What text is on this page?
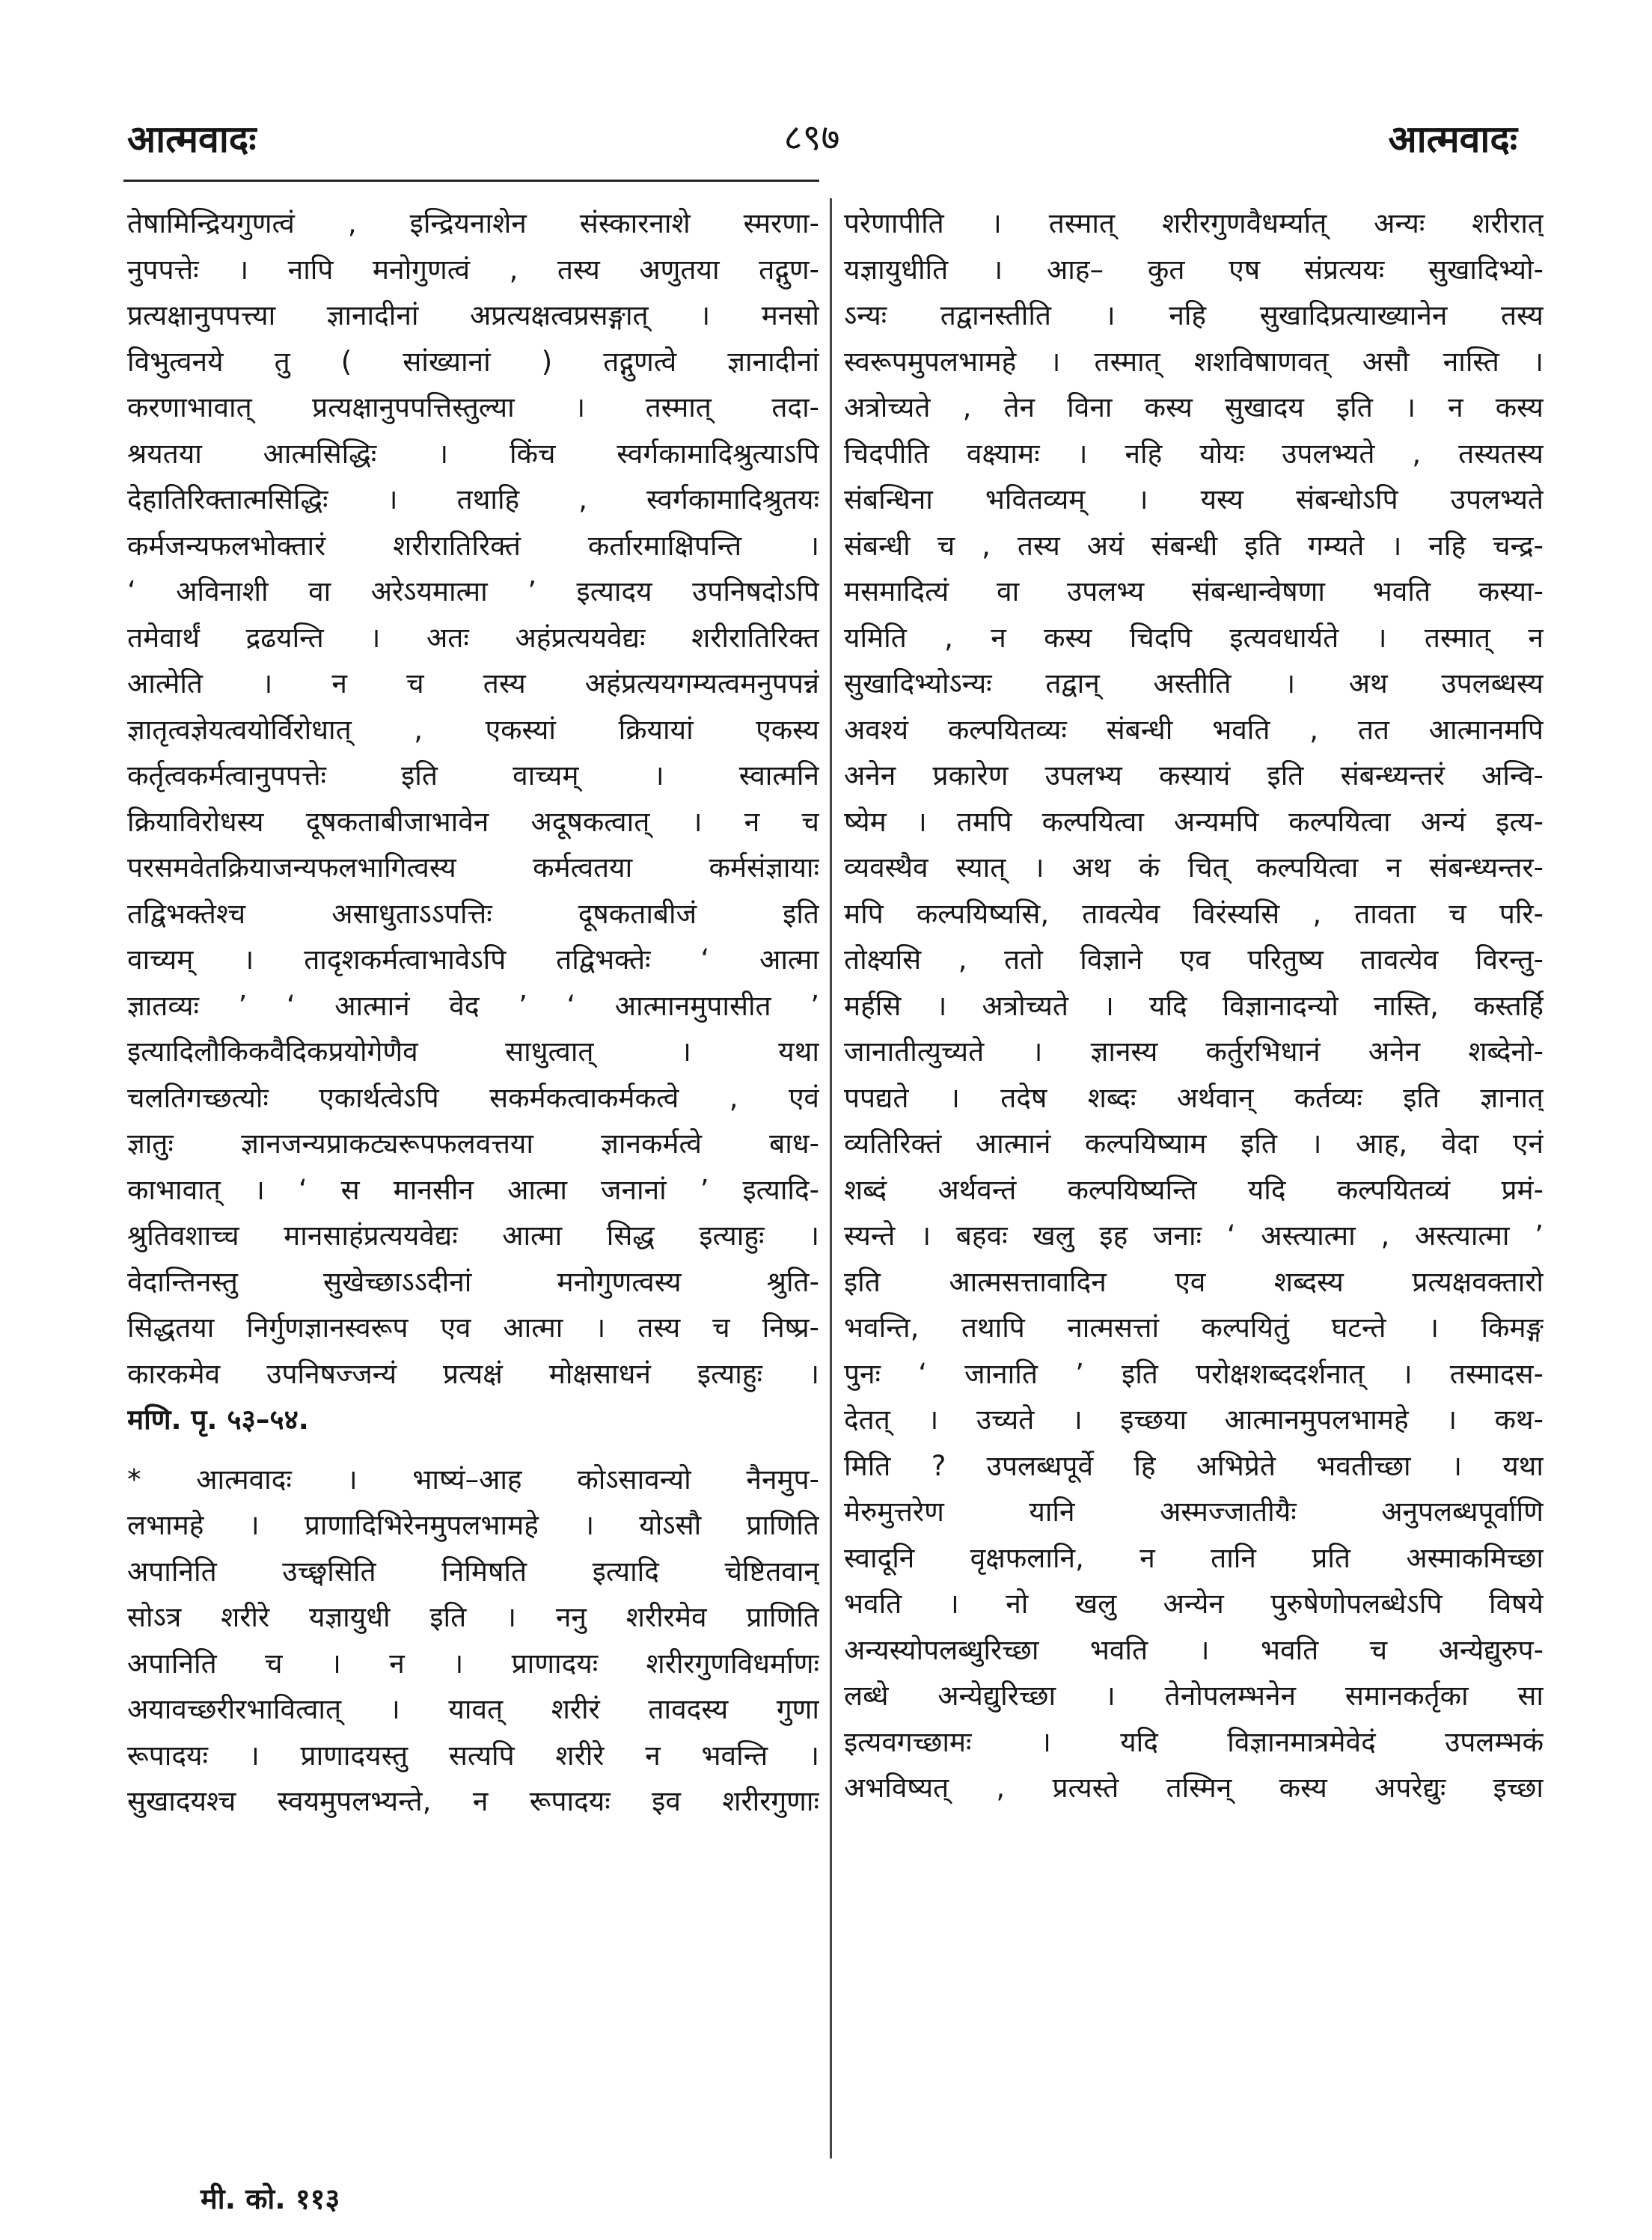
आत्मवादः	८९७	आत्मवादः
तेषामिन्द्रियगुणत्वं , इन्द्रियनाशेन संस्कारनाशे स्मरणा-
नुपपत्तेः । नापि मनोगुणत्वं , तस्य अणुतया तद्गुण-
प्रत्यक्षानुपपत्त्या ज्ञानादीनां अप्रत्यक्षत्वप्रसङ्गात् । मनसो
विभुत्वनये तु ( सांख्यानां ) तद्गुणत्वे ज्ञानादीनां
करणाभावात् प्रत्यक्षानुपपत्तिस्तुल्या । तस्मात् तदा-
श्रयतया आत्मसिद्धिः । किंच स्वर्गकामादिश्रुत्याऽपि
देहातिरिक्तात्मसिद्धिः । तथाहि , स्वर्गकामादिश्रुतयः
कर्मजन्यफलभोक्तारं शरीरातिरिक्तं कर्तारमाक्षिपन्ति ।
‘ अविनाशी वा अरेऽयमात्मा ’ इत्यादय उपनिषदोऽपि
तमेवार्थं द्रढयन्ति । अतः अहंप्रत्ययवेद्यः शरीरातिरिक्त
आत्मेति । न च तस्य अहंप्रत्ययगम्यत्वमनुपपन्नं
ज्ञातृत्वज्ञेयत्वयोर्विरोधात् , एकस्यां क्रियायां एकस्य
कर्तृत्वकर्मत्वानुपपत्तेः इति वाच्यम् । स्वात्मनि
क्रियाविरोधस्य दूषकताबीजाभावेन अदूषकत्वात् । न च
परसमवेतक्रियाजन्यफलभागित्वस्य कर्मत्वतया कर्मसंज्ञायाः
तद्विभक्तेश्च असाधुताऽऽपत्तिः दूषकताबीजं इति
वाच्यम् । तादृशकर्मत्वाभावेऽपि तद्विभक्तेः ‘ आत्मा
ज्ञातव्यः ’ ‘ आत्मानं वेद ’ ‘ आत्मानमुपासीत ’
इत्यादिलौकिकवैदिकप्रयोगेणैव साधुत्वात् । यथा
चलतिगच्छत्योः एकार्थत्वेऽपि सकर्मकत्वाकर्मकत्वे , एवं
ज्ञातुः ज्ञानजन्यप्राकट्यरूपफलवत्तया ज्ञानकर्मत्वे बाध-
काभावात् । ‘ स मानसीन आत्मा जनानां ’ इत्यादि-
श्रुतिवशाच्च मानसाहंप्रत्ययवेद्यः आत्मा सिद्ध इत्याहुः ।
वेदान्तिनस्तु सुखेच्छाऽऽदीनां मनोगुणत्वस्य श्रुति-
सिद्धतया निर्गुणज्ञानस्वरूप एव आत्मा । तस्य च निष्प्र-
कारकमेव उपनिषज्जन्यं प्रत्यक्षं मोक्षसाधनं इत्याहुः ।
मणि. पृ. ५३–५४.
* आत्मवादः । भाष्यं–आह कोऽसावन्यो नैनमुप-
लभामहे । प्राणादिभिरेनमुपलभामहे । योऽसौ प्राणिति
अपानिति उच्छ्वसिति निमिषति इत्यादि चेष्टितवान्
सोऽत्र शरीरे यज्ञायुधी इति । ननु शरीरमेव प्राणिति
अपानिति च । न । प्राणादयः शरीरगुणविधर्माणः
अयावच्छरीरभावित्वात् । यावत् शरीरं तावदस्य गुणा
रूपादयः । प्राणादयस्तु सत्यपि शरीरे न भवन्ति ।
सुखादयश्च स्वयमुपलभ्यन्ते, न रूपादयः इव शरीरगुणाः
परेणापीति । तस्मात् शरीरगुणवैधर्म्यात् अन्यः शरीरात्
यज्ञायुधीति । आह– कुत एष संप्रत्ययः सुखादिभ्यो-
ऽन्यः तद्वानस्तीति । नहि सुखादिप्रत्याख्यानेन तस्य
स्वरूपमुपलभामहे । तस्मात् शशविषाणवत् असौ नास्ति ।
अत्रोच्यते , तेन विना कस्य सुखादय इति । न कस्य
चिदपीति वक्ष्यामः । नहि योयः उपलभ्यते , तस्यतस्य
संबन्धिना भवितव्यम् । यस्य संबन्धोऽपि उपलभ्यते
संबन्धी च , तस्य अयं संबन्धी इति गम्यते । नहि चन्द्र-
मसमादित्यं वा उपलभ्य संबन्धान्वेषणा भवति कस्या-
यमिति , न कस्य चिदपि इत्यवधार्यते । तस्मात् न
सुखादिभ्योऽन्यः तद्वान् अस्तीति । अथ उपलब्धस्य
अवश्यं कल्पयितव्यः संबन्धी भवति , तत आत्मानमपि
अनेन प्रकारेण उपलभ्य कस्यायं इति संबन्ध्यन्तरं अन्वि-
ष्येम । तमपि कल्पयित्वा अन्यमपि कल्पयित्वा अन्यं इत्य-
व्यवस्थैव स्यात् । अथ कं चित् कल्पयित्वा न संबन्ध्यन्तर-
मपि कल्पयिष्यसि, तावत्येव विरंस्यसि , तावता च परि-
तोक्ष्यसि , ततो विज्ञाने एव परितुष्य तावत्येव विरन्तु-
मर्हसि । अत्रोच्यते । यदि विज्ञानादन्यो नास्ति, कस्तर्हि
जानातीत्युच्यते । ज्ञानस्य कर्तुरभिधानं अनेन शब्देनो-
पपद्यते । तदेष शब्दः अर्थवान् कर्तव्यः इति ज्ञानात्
व्यतिरिक्तं आत्मानं कल्पयिष्याम इति । आह, वेदा एनं
शब्दं अर्थवन्तं कल्पयिष्यन्ति यदि कल्पयितव्यं प्रमं-
स्यन्ते । बहवः खलु इह जनाः ‘ अस्त्यात्मा , अस्त्यात्मा ’
इति आत्मसत्तावादिन एव शब्दस्य प्रत्यक्षवक्तारो
भवन्ति, तथापि नात्मसत्तां कल्पयितुं घटन्ते । किमङ्ग
पुनः ‘ जानाति ’ इति परोक्षशब्ददर्शनात् । तस्मादस-
देतत् । उच्यते । इच्छया आत्मानमुपलभामहे । कथ-
मिति ? उपलब्धपूर्वे हि अभिप्रेते भवतीच्छा । यथा
मेरुमुत्तरेण यानि अस्मज्जातीयैः अनुपलब्धपूर्वाणि
स्वादूनि वृक्षफलानि, न तानि प्रति अस्माकमिच्छा
भवति । नो खलु अन्येन पुरुषेणोपलब्धेऽपि विषये
अन्यस्योपलब्धुरिच्छा भवति । भवति च अन्येद्युरुप-
लब्धे अन्येद्युरिच्छा । तेनोपलम्भनेन समानकर्तृका सा
इत्यवगच्छामः । यदि विज्ञानमात्रमेवेदं उपलम्भकं
अभविष्यत् , प्रत्यस्ते तस्मिन् कस्य अपरेद्युः इच्छा
मी. को. ११३
